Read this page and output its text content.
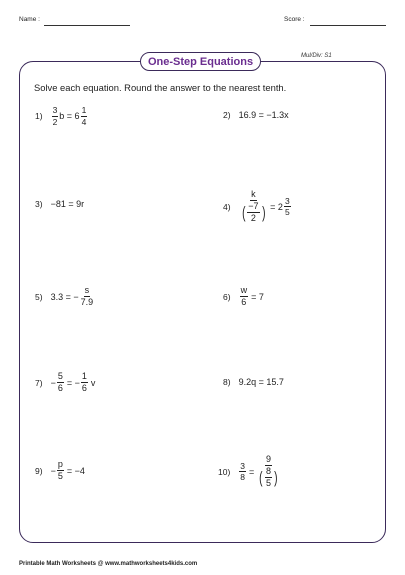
Name :	Score :
Mul/Div: S1
One-Step Equations
Solve each equation. Round the answer to the nearest tenth.
$1) \frac{3}{2}$ $b = 6 \frac{1}{4}$	2) 16.9 = −1.3x
3) −81 = 9r	4)
k
( $\frac{-7}{2}$ ) = $2 \frac{3}{5}$
5) 3.3 = − $\frac{s}{7.9}$	$6) \frac{w}{6} = 7$
$7) - \frac{5}{6}$ = − $\frac{1}{6}$ v	8) 9.2q = 15.7
$9) - \frac{p}{5} = -4$	$10) \frac{3}{8}$ =
9
( $\frac{8}{5}$ )
Printable Math Worksheets @ www.mathworksheets4kids.com
